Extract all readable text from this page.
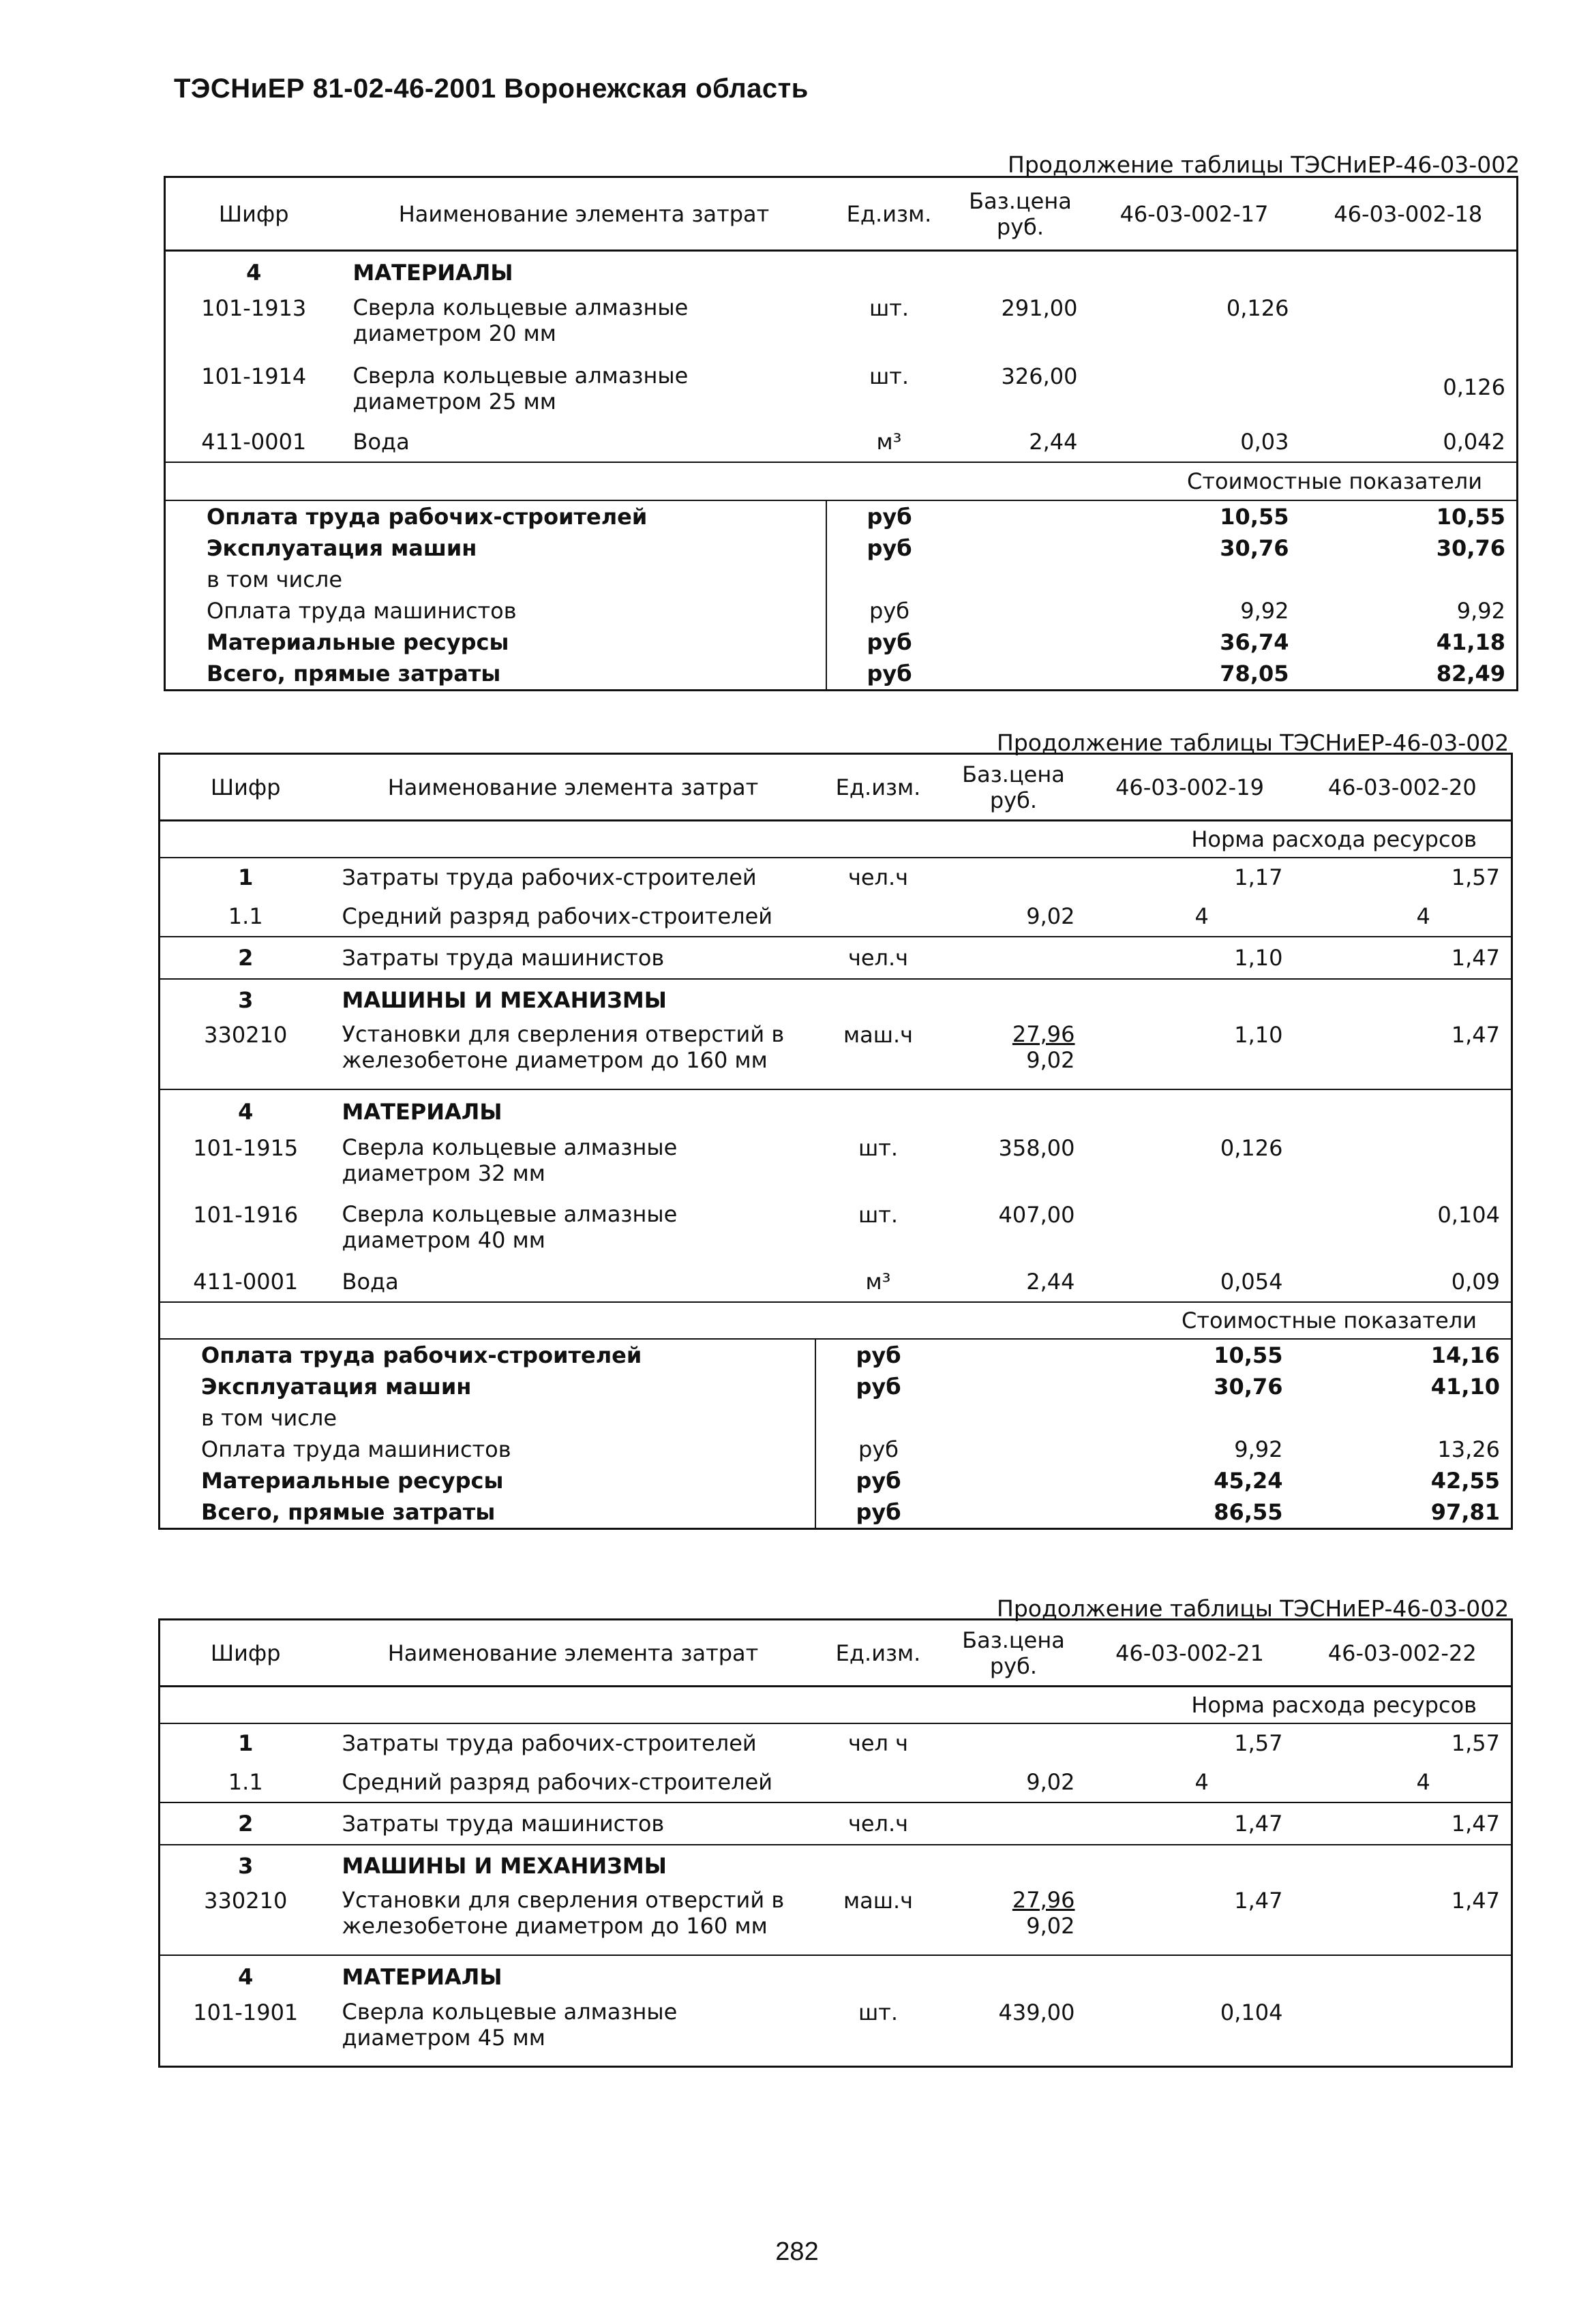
ТЭСНиЕР 81-02-46-2001 Воронежская область
Продолжение таблицы ТЭСНиЕР-46-03-002
Шифр	Наименование элемента затрат	Ед.изм.	Баз.цена
руб.	46-03-002-17	46-03-002-18
4	МАТЕРИАЛЫ				
101-1913	Сверла кольцевые алмазные диаметром 20 мм	шт.	291,00	0,126	
101-1914	Сверла кольцевые алмазные диаметром 25 мм	шт.	326,00		0,126
411-0001	Вода	м³	2,44	0,03	0,042
Стоимостные показатели					
Оплата труда рабочих-строителей		руб		10,55	10,55
Эксплуатация машин		руб		30,76	30,76
в том числе					
Оплата труда машинистов		руб		9,92	9,92
Материальные ресурсы		руб		36,74	41,18
Всего, прямые затраты		руб		78,05	82,49
Продолжение таблицы ТЭСНиЕР-46-03-002
Шифр	Наименование элемента затрат	Ед.изм.	Баз.цена
руб.	46-03-002-19	46-03-002-20
Норма расхода ресурсов					
1	Затраты труда рабочих-строителей	чел.ч		1,17	1,57
1.1	Средний разряд рабочих-строителей		9,02	4	4
2	Затраты труда машинистов	чел.ч		1,10	1,47
3	МАШИНЫ И МЕХАНИЗМЫ				
330210	Установки для сверления отверстий в железобетоне диаметром до 160 мм	маш.ч	27,96
9,02	1,10	1,47
4	МАТЕРИАЛЫ				
101-1915	Сверла кольцевые алмазные диаметром 32 мм	шт.	358,00	0,126	
101-1916	Сверла кольцевые алмазные диаметром 40 мм	шт.	407,00		0,104
411-0001	Вода	м³	2,44	0,054	0,09
Стоимостные показатели					
Оплата труда рабочих-строителей		руб		10,55	14,16
Эксплуатация машин		руб		30,76	41,10
в том числе					
Оплата труда машинистов		руб		9,92	13,26
Материальные ресурсы		руб		45,24	42,55
Всего, прямые затраты		руб		86,55	97,81
Продолжение таблицы ТЭСНиЕР-46-03-002
Шифр	Наименование элемента затрат	Ед.изм.	Баз.цена
руб.	46-03-002-21	46-03-002-22
Норма расхода ресурсов					
1	Затраты труда рабочих-строителей	чел ч		1,57	1,57
1.1	Средний разряд рабочих-строителей		9,02	4	4
2	Затраты труда машинистов	чел.ч		1,47	1,47
3	МАШИНЫ И МЕХАНИЗМЫ				
330210	Установки для сверления отверстий в железобетоне диаметром до 160 мм	маш.ч	27,96
9,02	1,47	1,47
4	МАТЕРИАЛЫ				
101-1901	Сверла кольцевые алмазные диаметром 45 мм	шт.	439,00	0,104	
282
